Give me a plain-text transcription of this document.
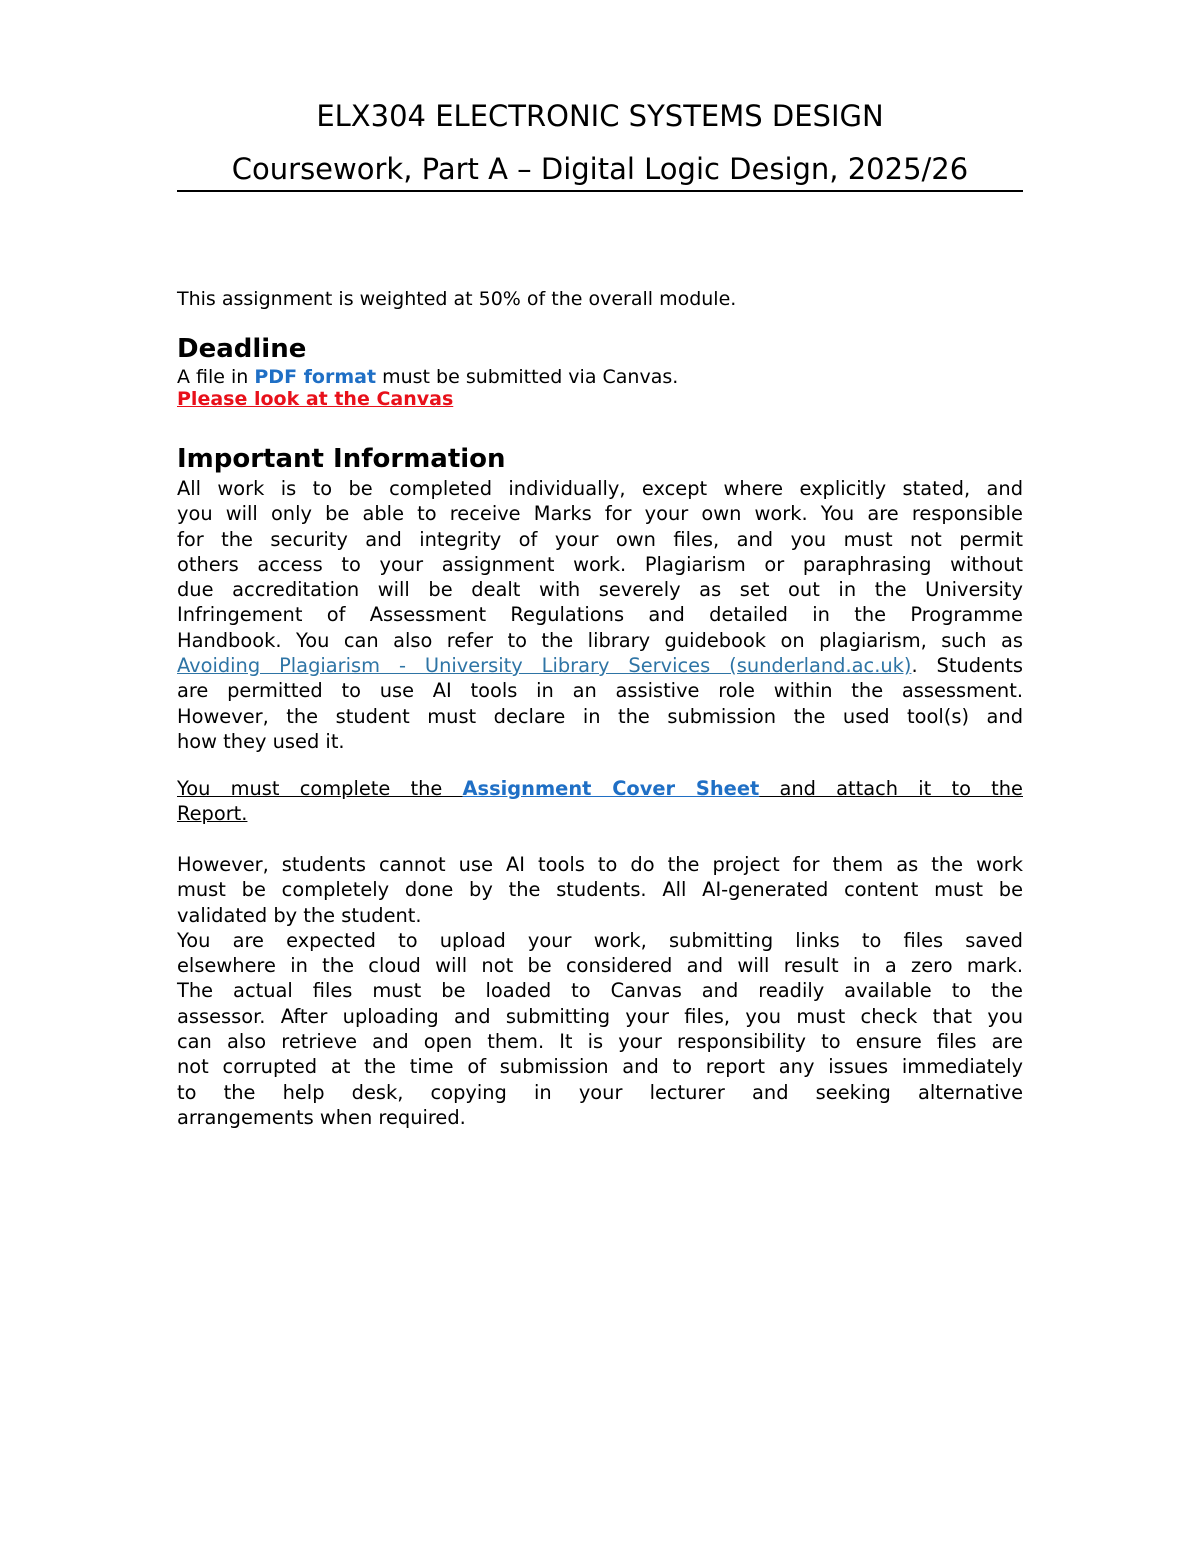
ELX304 ELECTRONIC SYSTEMS DESIGN
Coursework, Part A – Digital Logic Design, 2025/26
This assignment is weighted at 50% of the overall module.
Deadline
A file in PDF format must be submitted via Canvas.
Please look at the Canvas
Important Information
All work is to be completed individually, except where explicitly stated, and
you will only be able to receive Marks for your own work. You are responsible
for the security and integrity of your own files, and you must not permit
others access to your assignment work. Plagiarism or paraphrasing without
due accreditation will be dealt with severely as set out in the University
Infringement of Assessment Regulations and detailed in the Programme
Handbook. You can also refer to the library guidebook on plagiarism, such as
Avoiding Plagiarism - University Library Services (sunderland.ac.uk). Students
are permitted to use AI tools in an assistive role within the assessment.
However, the student must declare in the submission the used tool(s) and
how they used it.
You must complete the Assignment Cover Sheet and attach it to the
Report.
However, students cannot use AI tools to do the project for them as the work
must be completely done by the students. All AI-generated content must be
validated by the student.
You are expected to upload your work, submitting links to files saved
elsewhere in the cloud will not be considered and will result in a zero mark.
The actual files must be loaded to Canvas and readily available to the
assessor. After uploading and submitting your files, you must check that you
can also retrieve and open them. It is your responsibility to ensure files are
not corrupted at the time of submission and to report any issues immediately
to the help desk, copying in your lecturer and seeking alternative
arrangements when required.
